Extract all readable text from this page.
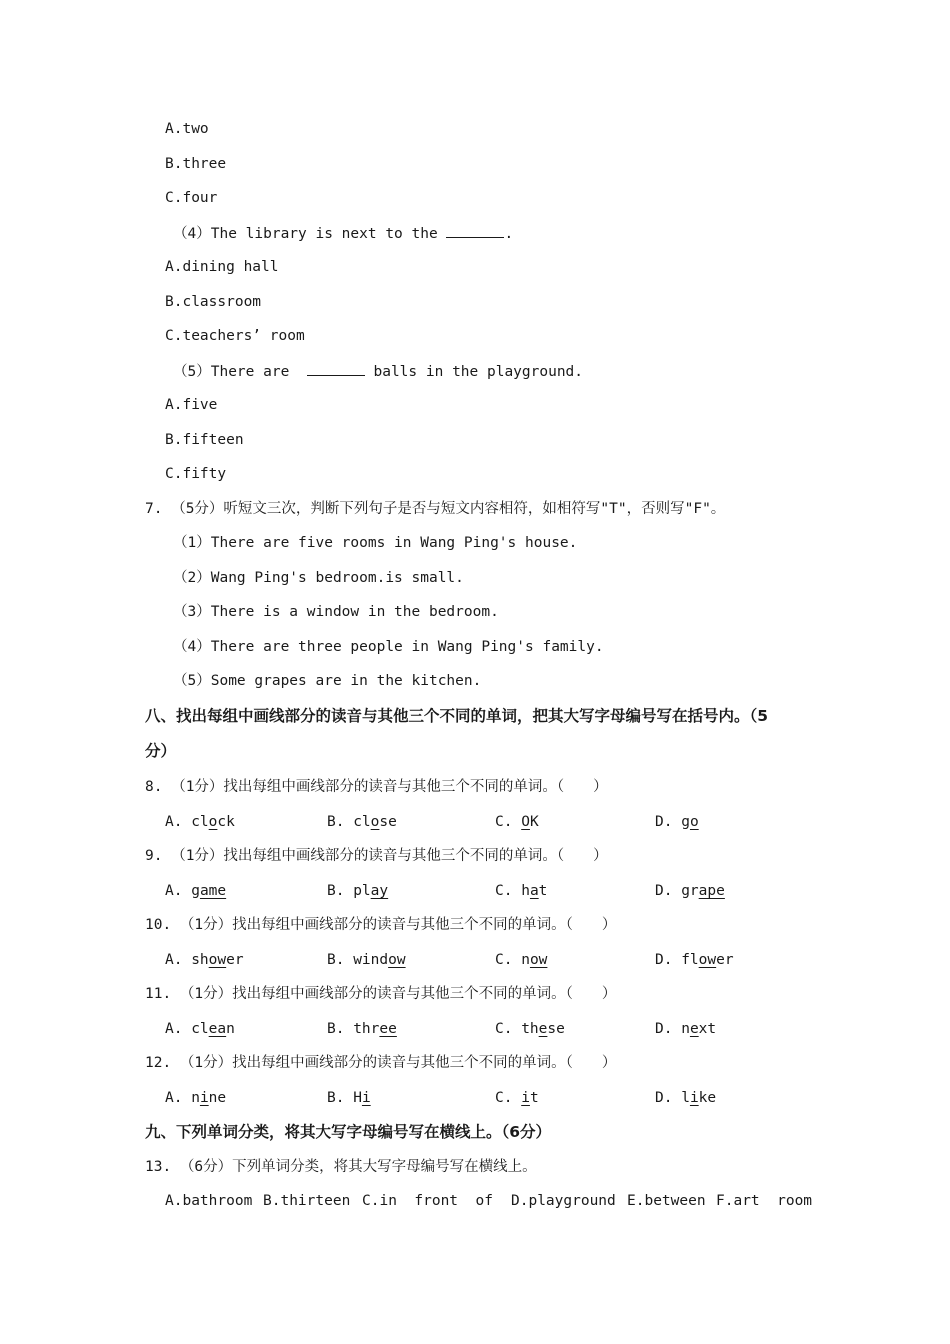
A.two
B.three
C.four
（4）The library is next to the	.
A.dining hall
B.classroom
C.teachers’ room
（5）There are	balls in the playground.
A.five
B.fifteen
C.fifty
7. （5分）听短文三次，判断下列句子是否与短文内容相符，如相符写"T"，否则写"F"。
（1）There are five rooms in Wang Ping's house.
（2）Wang Ping's bedroom.is small.
（3）There is a window in the bedroom.
（4）There are three people in Wang Ping's family.
（5）Some grapes are in the kitchen.
八、找出每组中画线部分的读音与其他三个不同的单词，把其大写字母编号写在括号内。（5
分）
8. （1分）找出每组中画线部分的读音与其他三个不同的单词。（　　）
9. （1分）找出每组中画线部分的读音与其他三个不同的单词。（　　）
10. （1分）找出每组中画线部分的读音与其他三个不同的单词。（　　）
11. （1分）找出每组中画线部分的读音与其他三个不同的单词。（　　）
12. （1分）找出每组中画线部分的读音与其他三个不同的单词。（　　）
A. clock	B. close	C. OK	D. go
A. game	B. play	C. hat	D. grape
A. shower	B. window	C. now	D. flower
A. clean	B. three	C. these	D. next
A. nine	B. Hi	C. it	D. like
九、下列单词分类，将其大写字母编号写在横线上。（6分）
13. （6分）下列单词分类，将其大写字母编号写在横线上。
A.bathroom B.thirteen C.in  front  of D.playground E.between F.art  room
